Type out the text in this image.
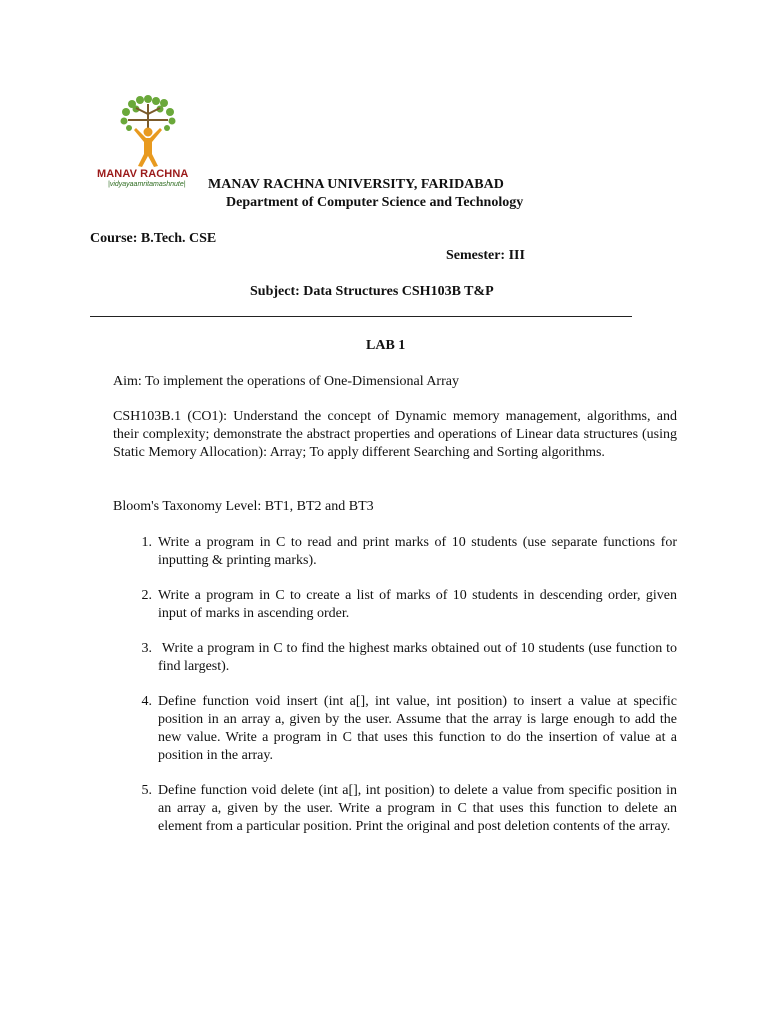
MANAV RACHNA
|vidyayaamritamashnute| MANAV RACHNA UNIVERSITY, FARIDABAD
Department of Computer Science and Technology
Course: B.Tech. CSE
Semester: III
Subject: Data Structures CSH103B T&P
LAB 1
Aim: To implement the operations of One-Dimensional Array
CSH103B.1 (CO1): Understand the concept of Dynamic memory management, algorithms, and their complexity; demonstrate the abstract properties and operations of Linear data structures (using Static Memory Allocation): Array; To apply different Searching and Sorting algorithms.
Bloom's Taxonomy Level: BT1, BT2 and BT3
1. Write a program in C to read and print marks of 10 students (use separate functions for inputting & printing marks).
2. Write a program in C to create a list of marks of 10 students in descending order, given input of marks in ascending order.
3. Write a program in C to find the highest marks obtained out of 10 students (use function to find largest).
4. Define function void insert (int a[], int value, int position) to insert a value at specific position in an array a, given by the user. Assume that the array is large enough to add the new value. Write a program in C that uses this function to do the insertion of value at a position in the array.
5. Define function void delete (int a[], int position) to delete a value from specific position in an array a, given by the user. Write a program in C that uses this function to delete an element from a particular position. Print the original and post deletion contents of the array.
